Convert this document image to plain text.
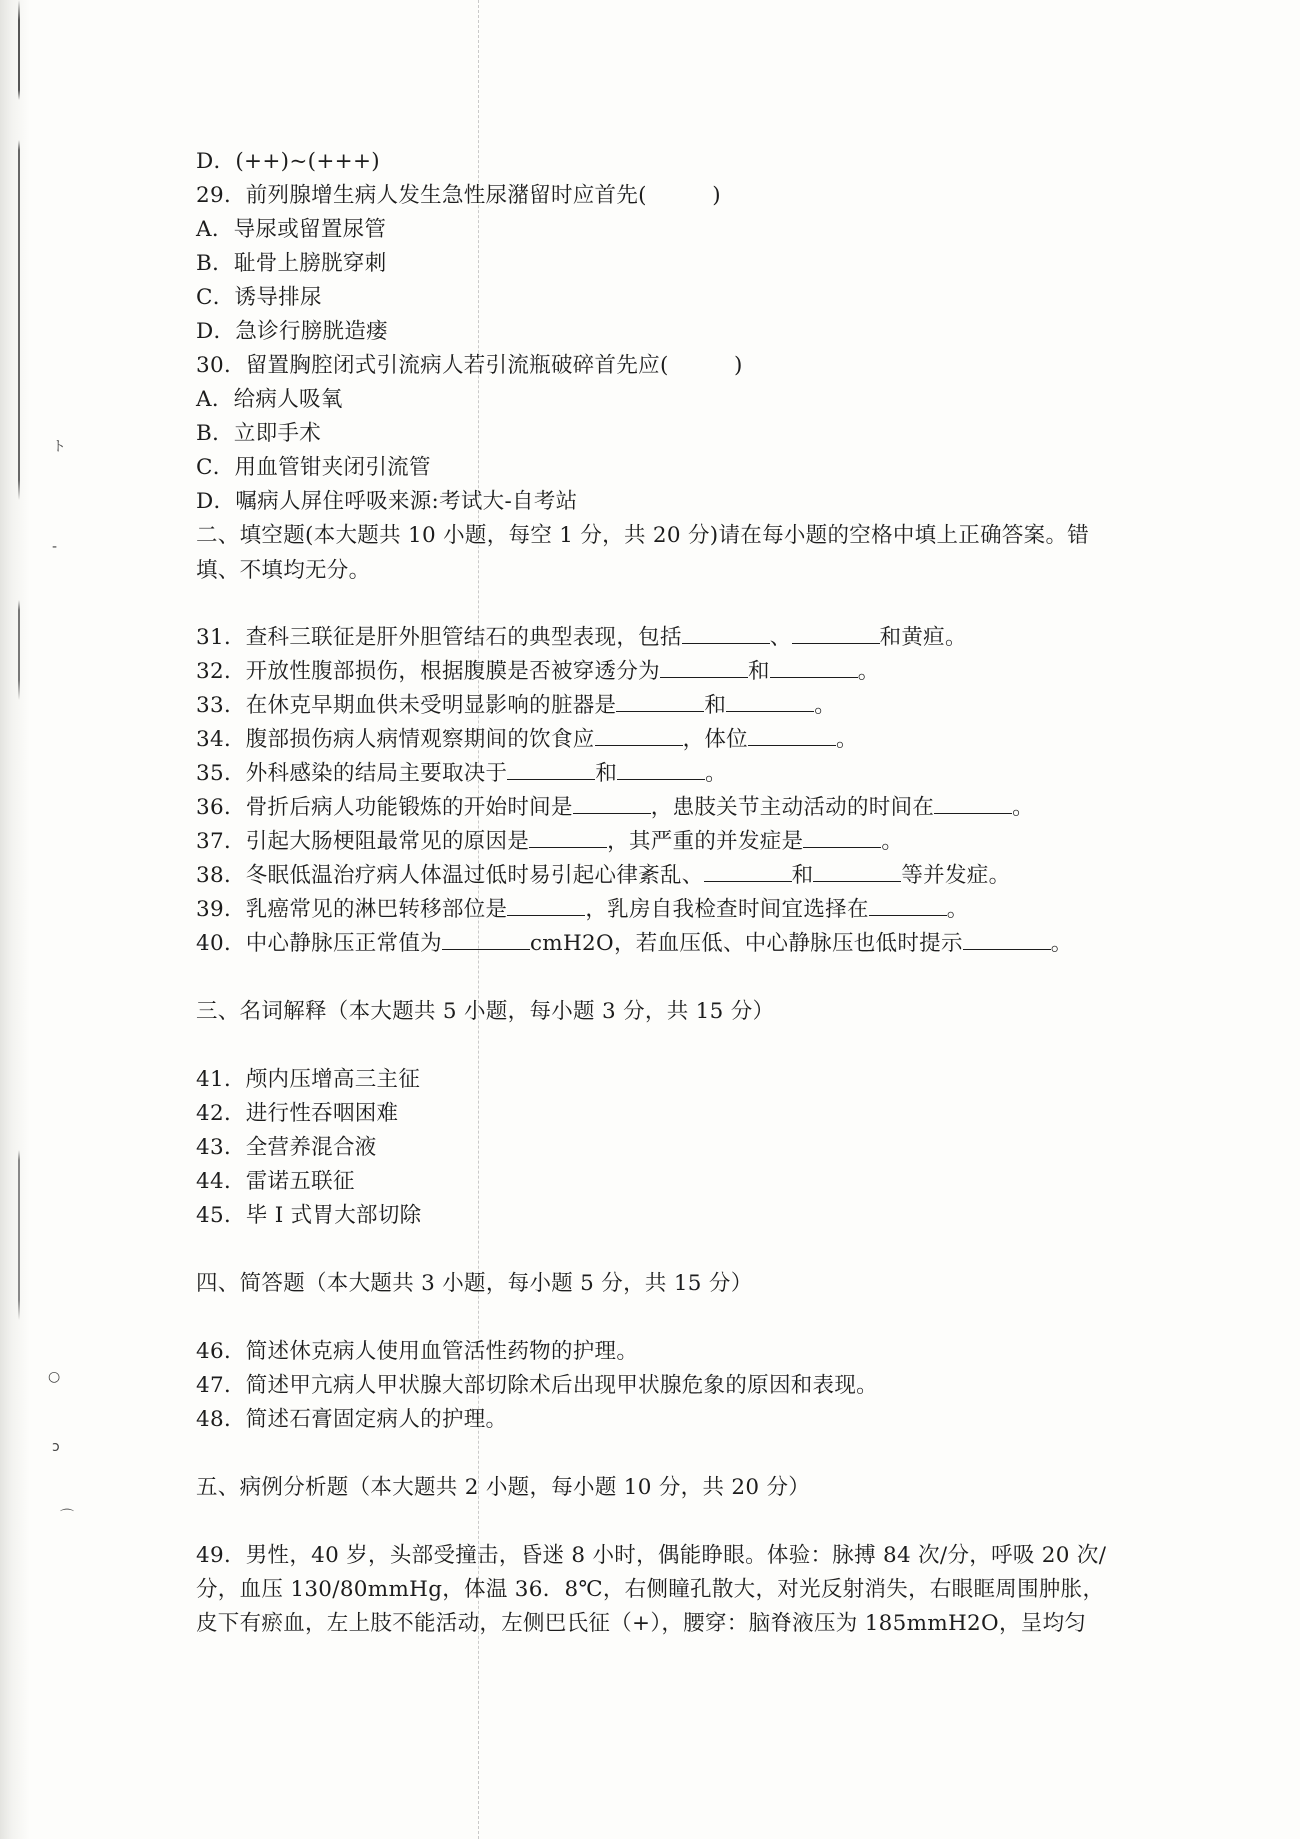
ト
-
○
ɔ
⌒
D．(++)~(+++)
29．前列腺增生病人发生急性尿潴留时应首先(　　　)
A．导尿或留置尿管
B．耻骨上膀胱穿刺
C．诱导排尿
D．急诊行膀胱造瘘
30．留置胸腔闭式引流病人若引流瓶破碎首先应(　　　)
A．给病人吸氧
B．立即手术
C．用血管钳夹闭引流管
D．嘱病人屏住呼吸来源:考试大-自考站
二、填空题(本大题共 10 小题，每空 1 分，共 20 分)请在每小题的空格中填上正确答案。错
填、不填均无分。
31．查科三联征是肝外胆管结石的典型表现，包括	、	和黄疸。
32．开放性腹部损伤，根据腹膜是否被穿透分为	和	。
33．在休克早期血供未受明显影响的脏器是	和	。
34．腹部损伤病人病情观察期间的饮食应	，体位	。
35．外科感染的结局主要取决于	和	。
36．骨折后病人功能锻炼的开始时间是	，患肢关节主动活动的时间在	。
37．引起大肠梗阻最常见的原因是	，其严重的并发症是	。
38．冬眠低温治疗病人体温过低时易引起心律紊乱、	和	等并发症。
39．乳癌常见的淋巴转移部位是	，乳房自我检查时间宜选择在	。
40．中心静脉压正常值为	cmH2O，若血压低、中心静脉压也低时提示	。
三、名词解释（本大题共 5 小题，每小题 3 分，共 15 分）
41．颅内压增高三主征
42．进行性吞咽困难
43．全营养混合液
44．雷诺五联征
45．毕 I 式胃大部切除
四、简答题（本大题共 3 小题，每小题 5 分，共 15 分）
46．简述休克病人使用血管活性药物的护理。
47．简述甲亢病人甲状腺大部切除术后出现甲状腺危象的原因和表现。
48．简述石膏固定病人的护理。
五、病例分析题（本大题共 2 小题，每小题 10 分，共 20 分）
49．男性，40 岁，头部受撞击，昏迷 8 小时，偶能睁眼。体验：脉搏 84 次/分，呼吸 20 次/
分，血压 130/80mmHg，体温 36．8℃，右侧瞳孔散大，对光反射消失，右眼眶周围肿胀，
皮下有瘀血，左上肢不能活动，左侧巴氏征（+），腰穿：脑脊液压为 185mmH2O，呈均匀
